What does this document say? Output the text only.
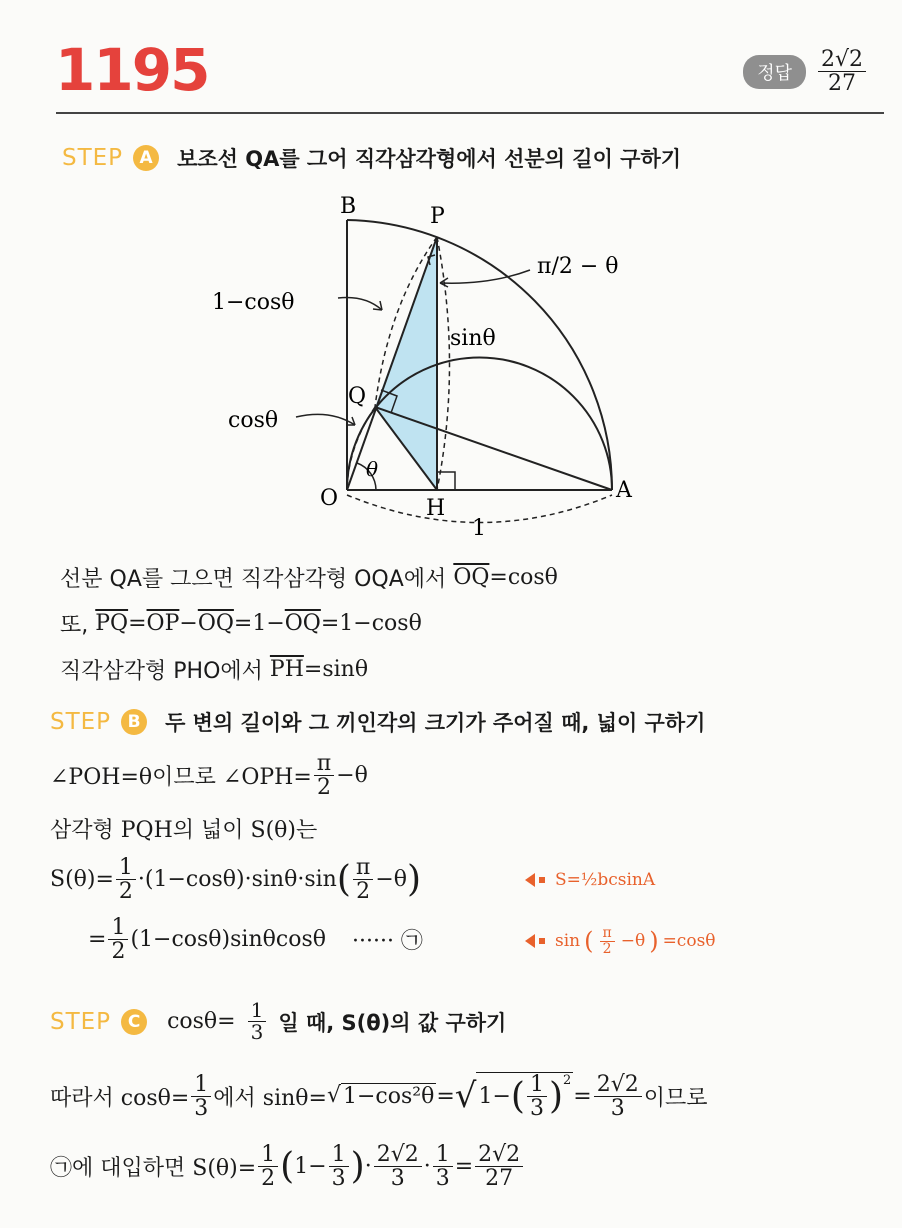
1195	정답	$\frac{2√2}{27}$
STEP A	보조선 QA를 그어 직각삼각형에서 선분의 길이 구하기
B	P
Q
O	H
A
π/2 − θ
1−cosθ
sinθ
cosθ
θ
1
선분 QA를 그으면 직각삼각형 OQA에서
$\overline{OQ} =\cos\theta$
또,
$\overline{PQ} = \overline{OP} - \overline{OQ} =1- \overline{OQ} =1-\cos\theta$
직각삼각형 PHO에서
$\overline{PH} =\sin\theta$
STEP B	두 변의 길이와 그 끼인각의 크기가 주어질 때, 넓이 구하기
∠POH=θ이므로 ∠OPH= $\frac{\pi}{2} -\theta$
삼각형 PQH의 넓이 S(θ)는
$S(\theta)= \frac{1}{2} \cdot(1-\cos\theta)\cdot\sin\theta\cdot\sin$ ( $\frac{\pi}{2} -\theta$ )	S=½bcsinA
= $\frac{1}{2} (1-\cos\theta)\sin\theta\cos\theta$ ······ ㉠	sin ( $\frac{\pi}{2} -\theta$ ) =cosθ
STEP C	$\cos\theta= \frac{1}{3}$ 일 때, S(θ)의 값 구하기
따라서 $\cos\theta= \frac{1}{3}$ 에서 sinθ= √ 1−cos²θ = √ 1− ( $\frac{1}{3} )^2$
= $\frac{2√2}{3}$ 이므로
㉠에 대입하면 $S(\theta)= \frac{1}{2}$ ( $1- \frac{1}{3}$ ) · $\frac{2√2}{3} \cdot \frac{1}{3} = \frac{2√2}{27}$
